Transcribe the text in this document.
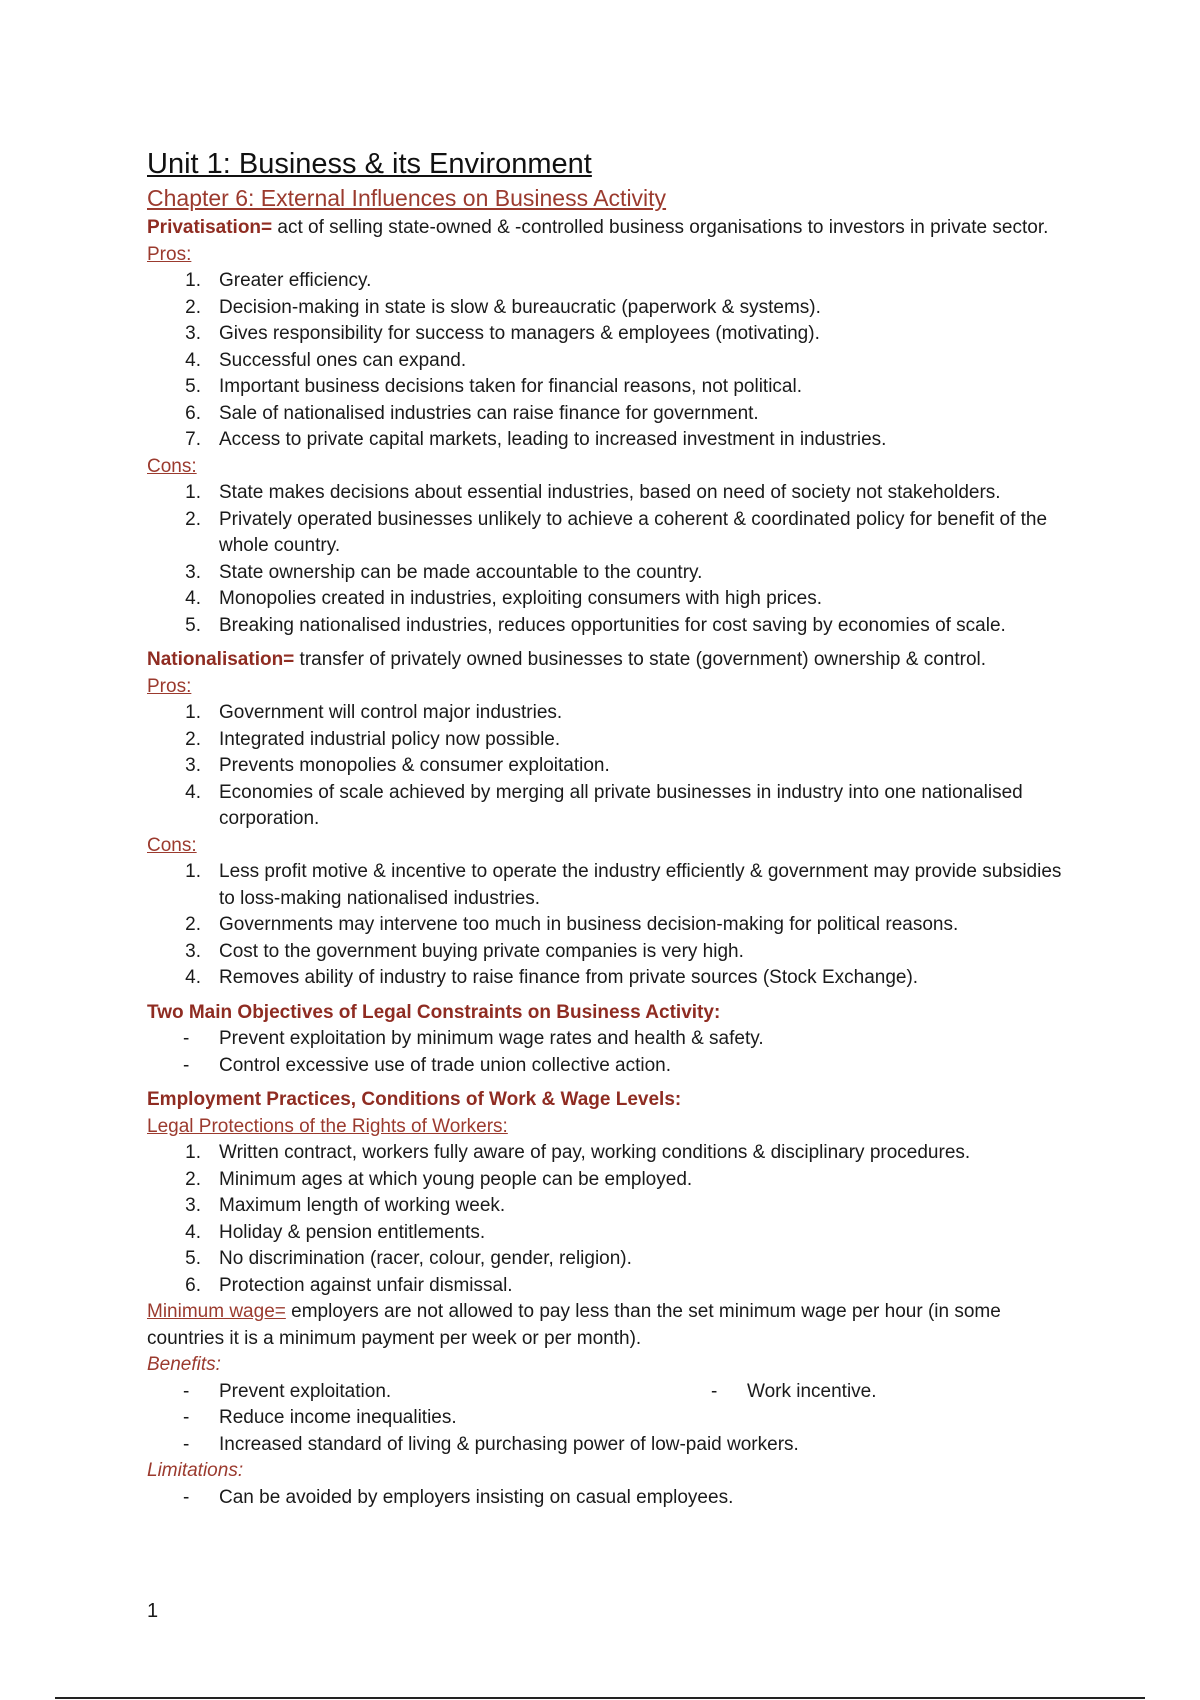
Unit 1: Business & its Environment
Chapter 6: External Influences on Business Activity

Privatisation= act of selling state-owned & -controlled business organisations to investors in private sector.

Pros:

1. Greater efficiency.
2. Decision-making in state is slow & bureaucratic (paperwork & systems).
3. Gives responsibility for success to managers & employees (motivating).
4. Successful ones can expand.
5. Important business decisions taken for financial reasons, not political.
6. Sale of nationalised industries can raise finance for government.
7. Access to private capital markets, leading to increased investment in industries.

Cons:

1. State makes decisions about essential industries, based on need of society not stakeholders.
2. Privately operated businesses unlikely to achieve a coherent & coordinated policy for benefit of the whole country.
3. State ownership can be made accountable to the country.
4. Monopolies created in industries, exploiting consumers with high prices.
5. Breaking nationalised industries, reduces opportunities for cost saving by economies of scale.

Nationalisation= transfer of privately owned businesses to state (government) ownership & control.

Pros:

1. Government will control major industries.
2. Integrated industrial policy now possible.
3. Prevents monopolies & consumer exploitation.
4. Economies of scale achieved by merging all private businesses in industry into one nationalised corporation.

Cons:

1. Less profit motive & incentive to operate the industry efficiently & government may provide subsidies to loss-making nationalised industries.
2. Governments may intervene too much in business decision-making for political reasons.
3. Cost to the government buying private companies is very high.
4. Removes ability of industry to raise finance from private sources (Stock Exchange).

Two Main Objectives of Legal Constraints on Business Activity:

- Prevent exploitation by minimum wage rates and health & safety.
- Control excessive use of trade union collective action.

Employment Practices, Conditions of Work & Wage Levels:

Legal Protections of the Rights of Workers:

1. Written contract, workers fully aware of pay, working conditions & disciplinary procedures.
2. Minimum ages at which young people can be employed.
3. Maximum length of working week.
4. Holiday & pension entitlements.
5. No discrimination (racer, colour, gender, religion).
6. Protection against unfair dismissal.

Minimum wage= employers are not allowed to pay less than the set minimum wage per hour (in some countries it is a minimum payment per week or per month).

Benefits:

- Prevent exploitation.	- Work incentive.
- Reduce income inequalities.
- Increased standard of living & purchasing power of low-paid workers.

Limitations:

- Can be avoided by employers insisting on casual employees.
1
